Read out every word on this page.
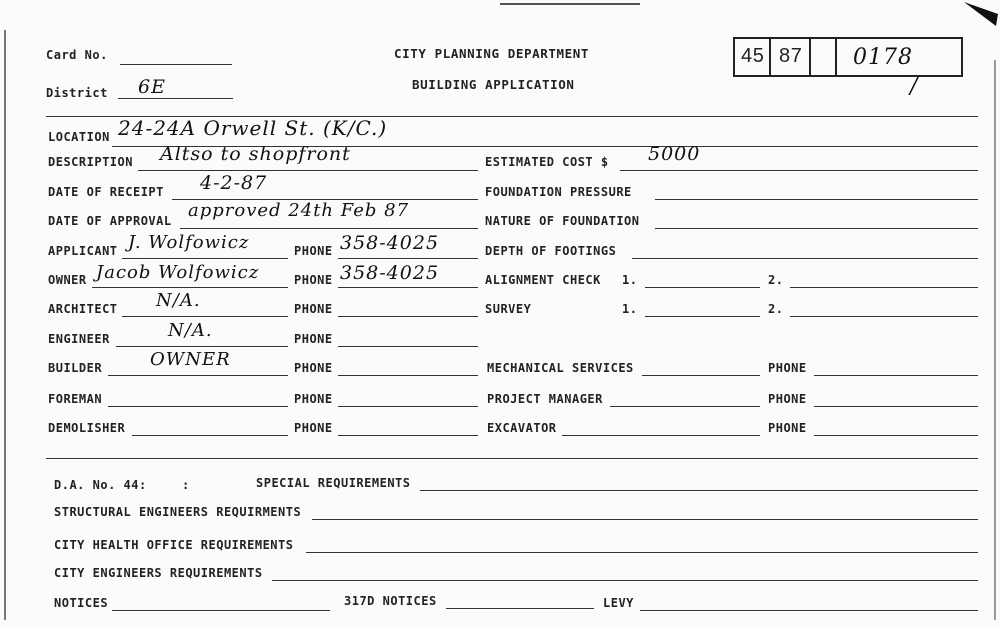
Card No.
District 6E
CITY PLANNING DEPARTMENT
BUILDING APPLICATION
45 87 0178
/
LOCATION 24-24A Orwell St. (K/C.)
DESCRIPTION Altso to shopfront	ESTIMATED COST $ 5000
DATE OF RECEIPT 4-2-87	FOUNDATION PRESSURE
DATE OF APPROVAL approved 24th Feb 87	NATURE OF FOUNDATION
APPLICANT J. Wolfowicz	PHONE 358-4025	DEPTH OF FOOTINGS
OWNER Jacob Wolfowicz	PHONE 358-4025	ALIGNMENT CHECK 1.	2.
ARCHITECT N/A.	PHONE	SURVEY	1.	2.
ENGINEER	N/A.	PHONE
BUILDER	OWNER	PHONE	MECHANICAL SERVICES	PHONE
FOREMAN	PHONE	PROJECT MANAGER	PHONE
DEMOLISHER	PHONE	EXCAVATOR	PHONE
D.A. No. 44:	:	SPECIAL REQUIREMENTS
STRUCTURAL ENGINEERS REQUIRMENTS
CITY HEALTH OFFICE REQUIREMENTS
CITY ENGINEERS REQUIREMENTS
NOTICES	317D NOTICES	LEVY
